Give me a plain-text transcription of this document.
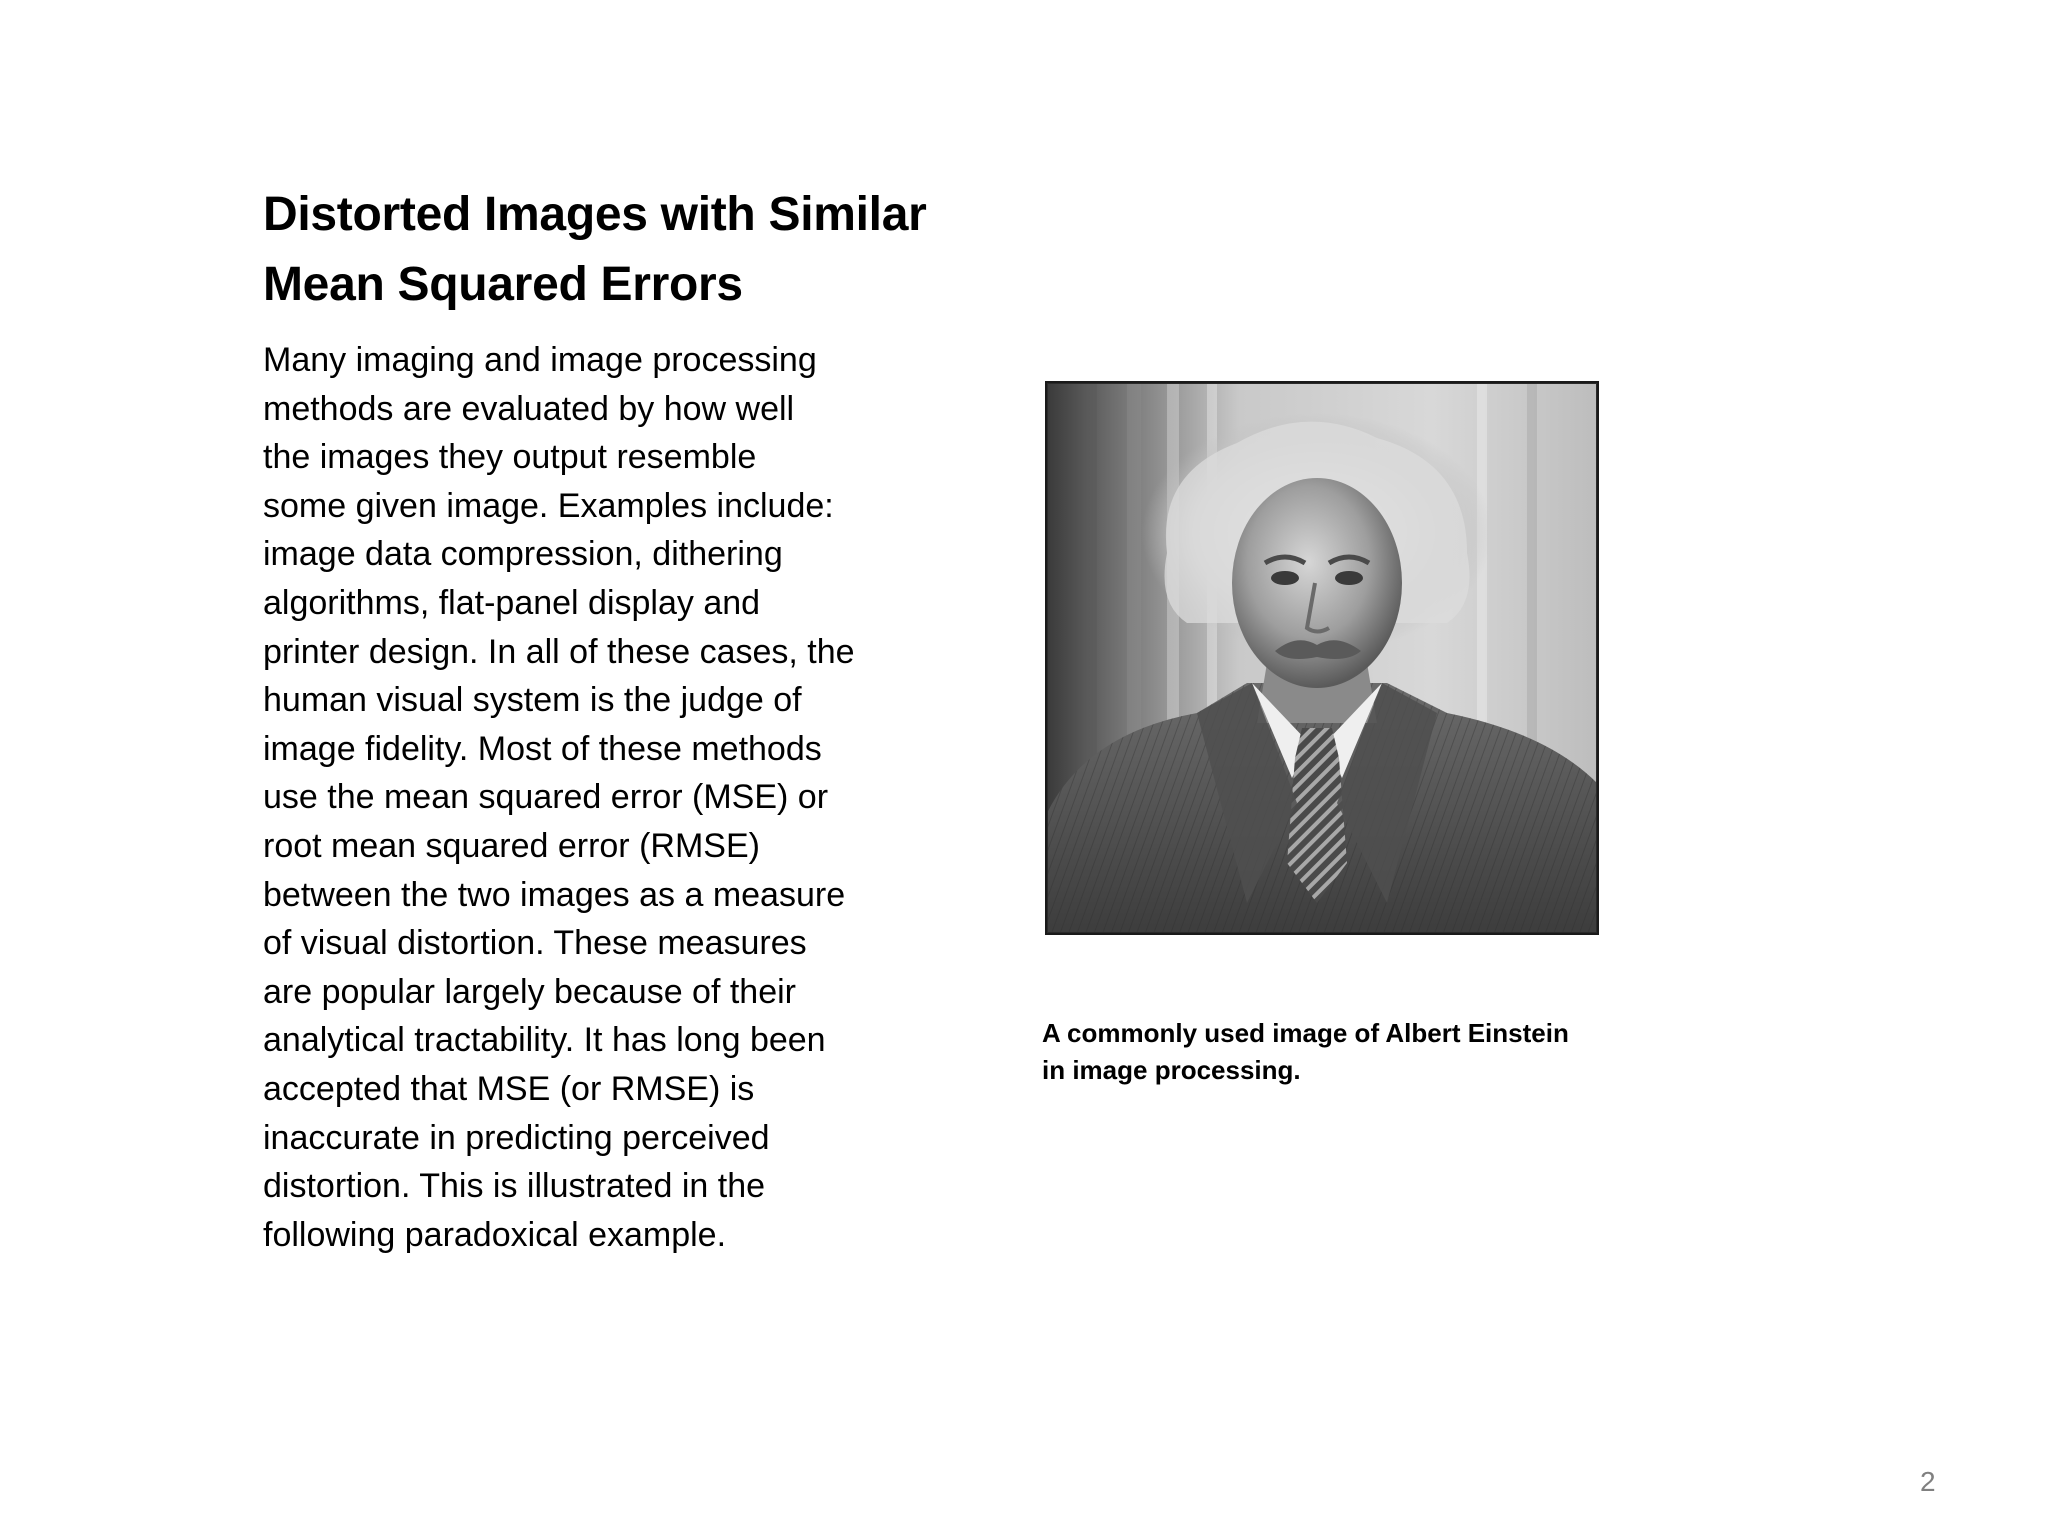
Distorted Images with Similar
Mean Squared Errors

Many imaging and image processing
methods are evaluated by how well
the images they output resemble
some given image. Examples include:
image data compression, dithering
algorithms, flat-panel display and
printer design. In all of these cases, the
human visual system is the judge of
image fidelity. Most of these methods
use the mean squared error (MSE) or
root mean squared error (RMSE)
between the two images as a measure
of visual distortion. These measures
are popular largely because of their
analytical tractability. It has long been
accepted that MSE (or RMSE) is
inaccurate in predicting perceived
distortion. This is illustrated in the
following paradoxical example.

A commonly used image of Albert Einstein
in image processing.

2
